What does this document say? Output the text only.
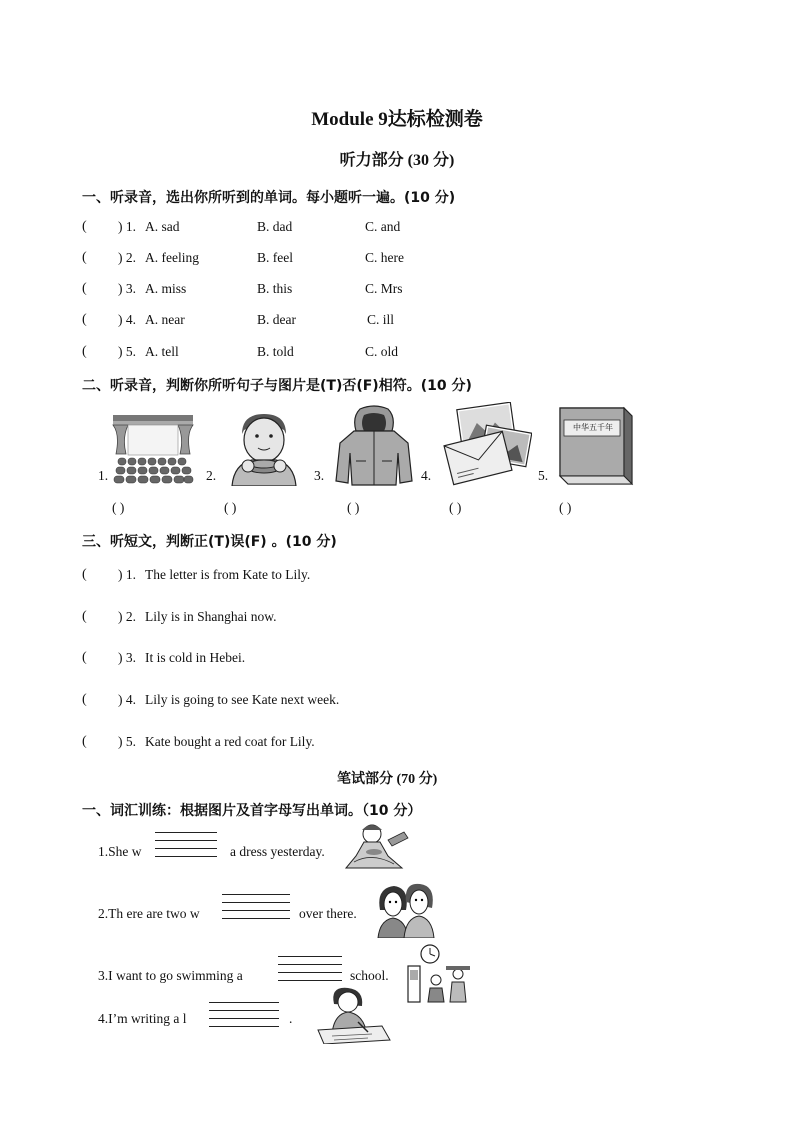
Module 9达标检测卷
听力部分 (30 分)
一、听录音，选出你所听到的单词。每小题听一遍。(10 分)
( ) 1. A. sad	B. dad	C. and
( ) 2. A. feeling	B. feel	C. here
( ) 3. A. miss	B. this	C. Mrs
( ) 4. A. near	B. dear	C. ill
( ) 5. A. tell	B. told	C. old
二、听录音，判断你所听句子与图片是(T)否(F)相符。(10 分)
1.	2.	3.	4.	5.
中华五千年
( )	( )	( )	( )	( )
三、听短文，判断正(T)误(F) 。(10 分)
( ) 1. The letter is from Kate to Lily.
( ) 2. Lily is in Shanghai now.
( ) 3. It is cold in Hebei.
( ) 4. Lily is going to see Kate next week.
( ) 5. Kate bought a red coat for Lily.
笔试部分 (70 分)
一、词汇训练：根据图片及首字母写出单词。（10 分）
1.She w	a dress yesterday.
2.Th ere are two w	over there.
3.I want to go swimming a	school.
4.I’m writing a l	.
